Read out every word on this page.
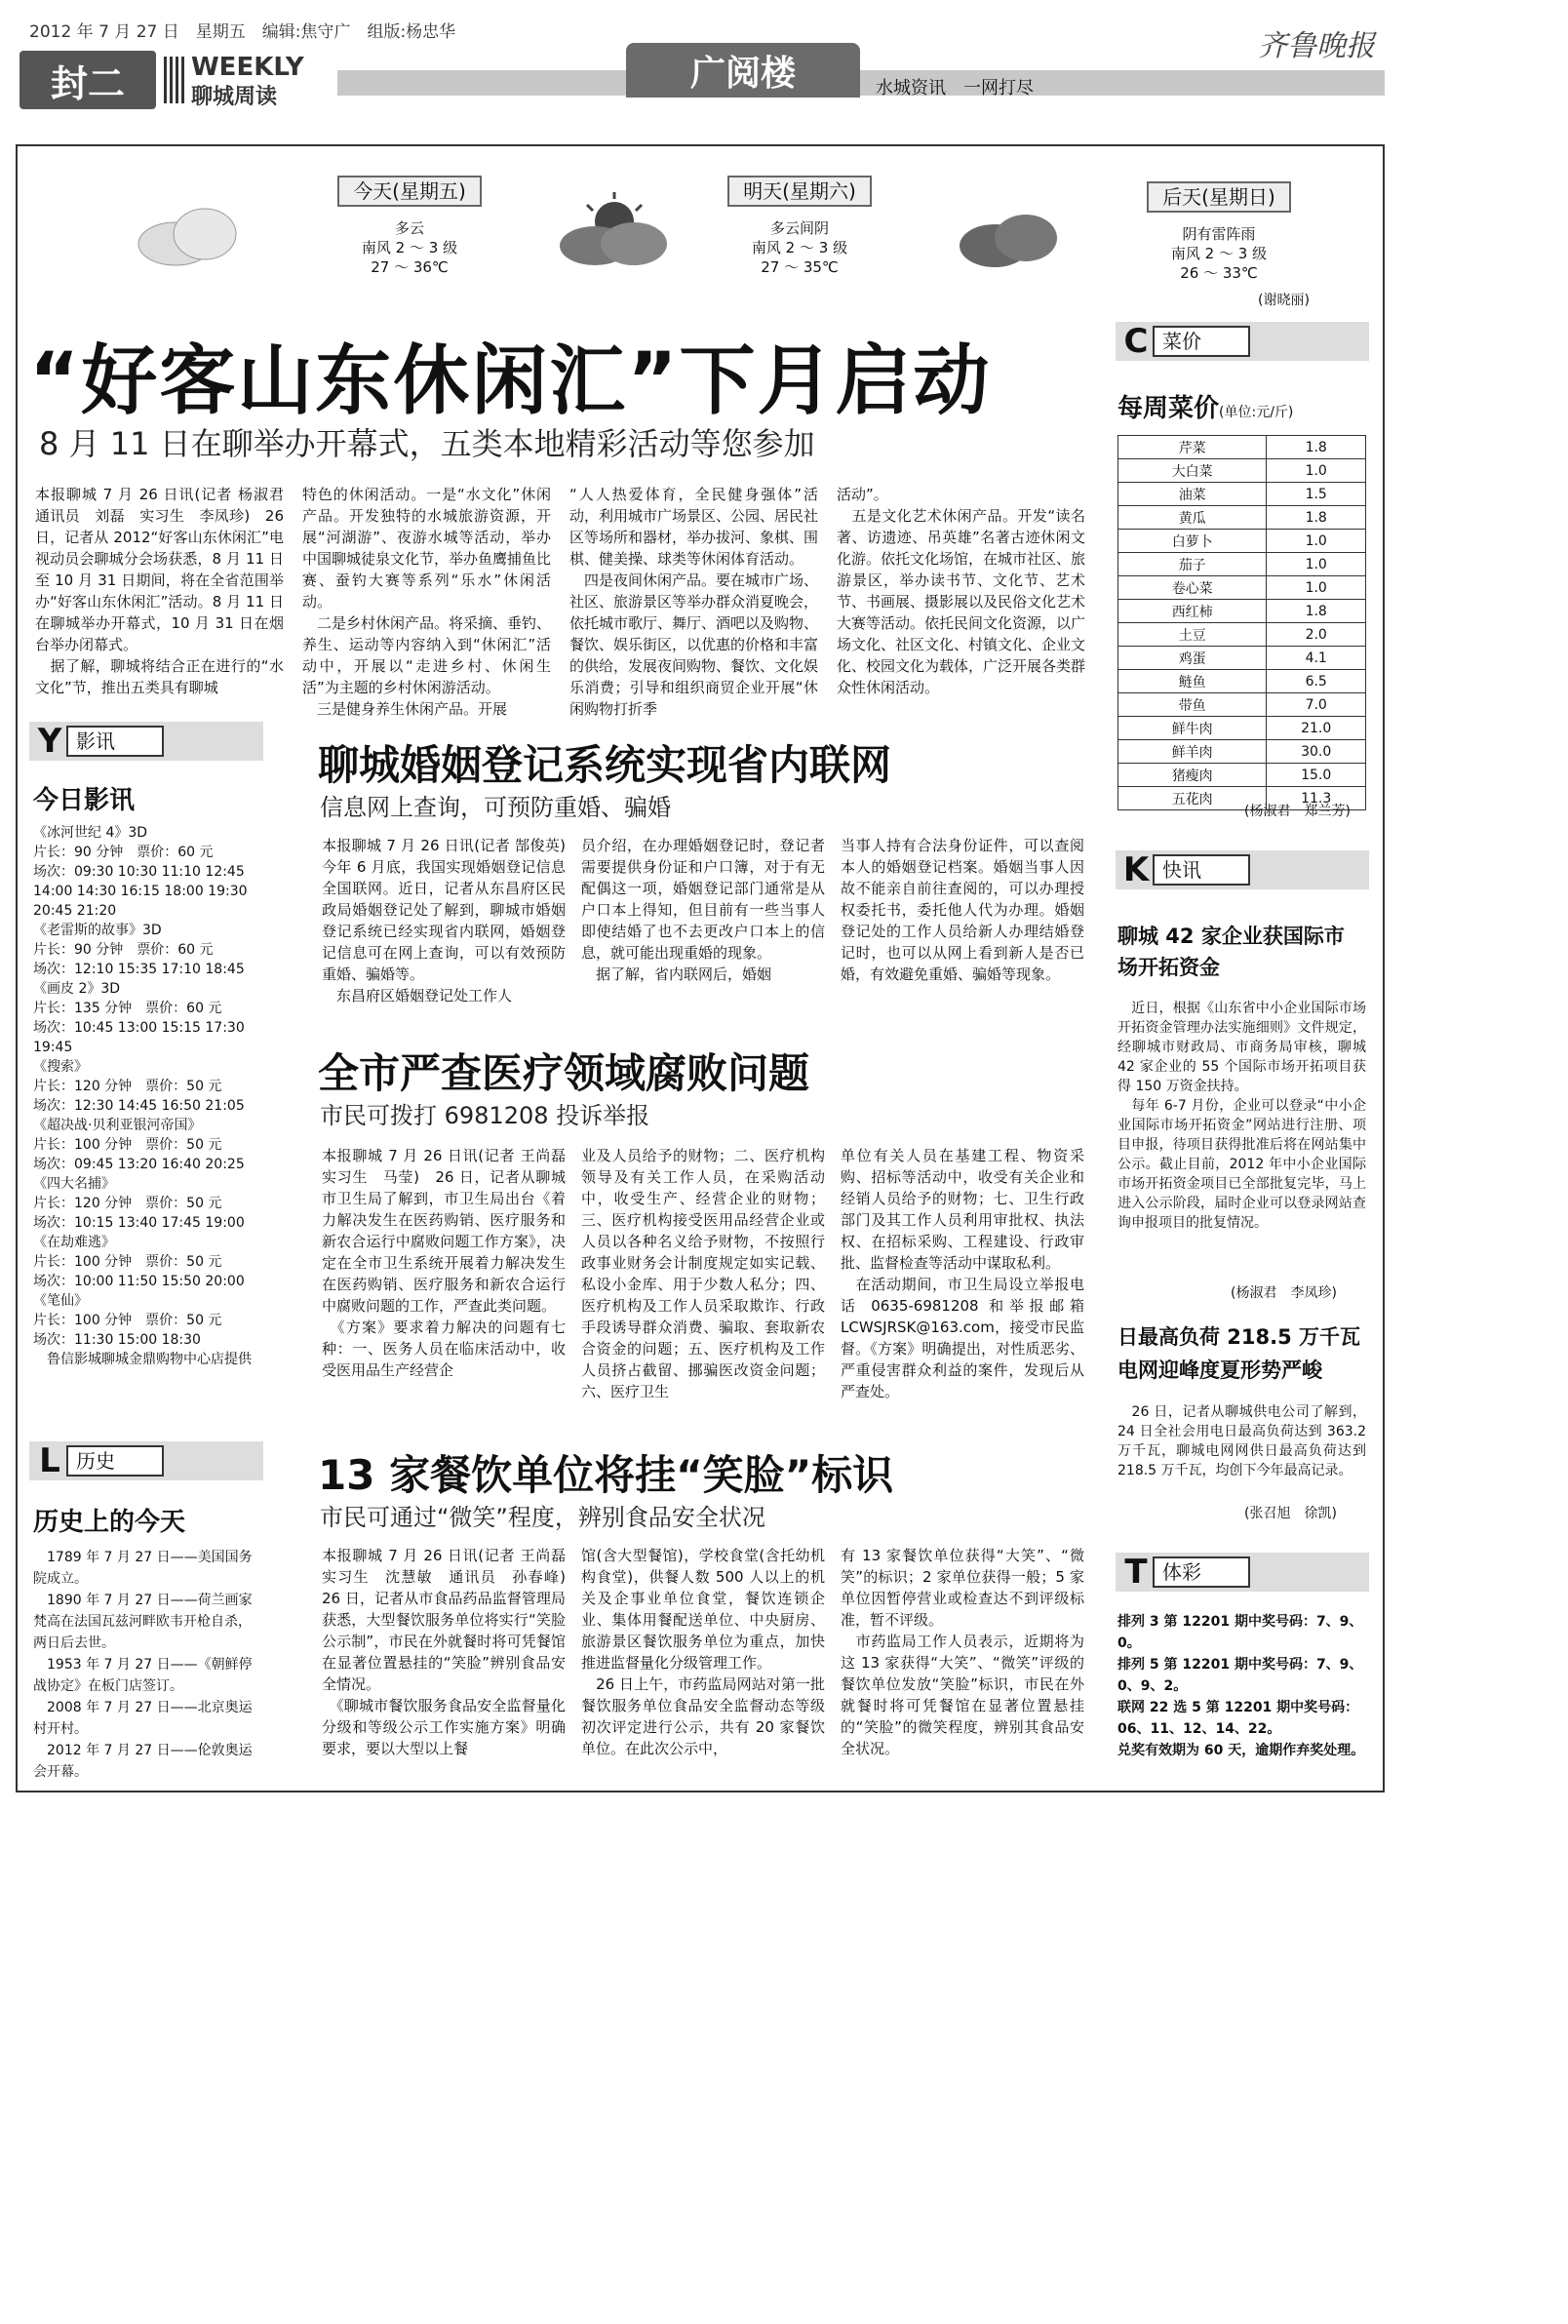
2012 年 7 月 27 日　星期五　编辑:焦守广　组版:杨忠华	齐鲁晚报
封二	WEEKLY
聊城周读
广阅楼	水城资讯　一网打尽
今天(星期五)
多云
南风 2 ～ 3 级
27 ～ 36℃
明天(星期六)
多云间阴
南风 2 ～ 3 级
27 ～ 35℃
后天(星期日)
阴有雷阵雨
南风 2 ～ 3 级
26 ～ 33℃
(谢晓丽)
“好客山东休闲汇”下月启动
8 月 11 日在聊举办开幕式，五类本地精彩活动等您参加
本报聊城 7 月 26 日讯(记者 杨淑君　通讯员　刘磊　实习生　李凤珍)　26 日，记者从 2012“好客山东休闲汇”电视动员会聊城分会场获悉，8 月 11 日至 10 月 31 日期间，将在全省范围举办“好客山东休闲汇”活动。8 月 11 日在聊城举办开幕式，10 月 31 日在烟台举办闭幕式。
　据了解，聊城将结合正在进行的“水文化”节，推出五类具有聊城
特色的休闲活动。一是“水文化”休闲产品。开发独特的水城旅游资源，开展“河湖游”、夜游水城等活动，举办中国聊城徒泉文化节，举办鱼鹰捕鱼比赛、蚕钓大赛等系列“乐水”休闲活动。
　二是乡村休闲产品。将采摘、垂钓、养生、运动等内容纳入到“休闲汇”活动中，开展以“走进乡村、休闲生活”为主题的乡村休闲游活动。
　三是健身养生休闲产品。开展
“人人热爱体育，全民健身强体”活动，利用城市广场景区、公园、居民社区等场所和器材，举办拔河、象棋、围棋、健美操、球类等休闲体育活动。
　四是夜间休闲产品。要在城市广场、社区、旅游景区等举办群众消夏晚会，依托城市歌厅、舞厅、酒吧以及购物、餐饮、娱乐街区，以优惠的价格和丰富的供给，发展夜间购物、餐饮、文化娱乐消费；引导和组织商贸企业开展“休闲购物打折季
活动”。
　五是文化艺术休闲产品。开发“读名著、访遗迹、吊英雄”名著古迹休闲文化游。依托文化场馆，在城市社区、旅游景区，举办读书节、文化节、艺术节、书画展、摄影展以及民俗文化艺术大赛等活动。依托民间文化资源，以广场文化、社区文化、村镇文化、企业文化、校园文化为载体，广泛开展各类群众性休闲活动。
C 菜价
每周菜价(单位:元/斤)
芹菜	1.8
大白菜	1.0
油菜	1.5
黄瓜	1.8
白萝卜	1.0
茄子	1.0
卷心菜	1.0
西红柿	1.8
土豆	2.0
鸡蛋	4.1
鲢鱼	6.5
带鱼	7.0
鲜牛肉	21.0
鲜羊肉	30.0
猪瘦肉	15.0
五花肉	11.3
(杨淑君　郑兰芳)
Y 影讯
今日影讯
《冰河世纪 4》3D
片长：90 分钟　票价：60 元
场次：09:30 10:30 11:10 12:45 14:00 14:30 16:15 18:00 19:30 20:45 21:20
《老雷斯的故事》3D
片长：90 分钟　票价：60 元
场次：12:10 15:35 17:10 18:45
《画皮 2》3D
片长：135 分钟　票价：60 元
场次：10:45 13:00 15:15 17:30 19:45
《搜索》
片长：120 分钟　票价：50 元
场次：12:30 14:45 16:50 21:05
《超决战·贝利亚银河帝国》
片长：100 分钟　票价：50 元
场次：09:45 13:20 16:40 20:25
《四大名捕》
片长：120 分钟　票价：50 元
场次：10:15 13:40 17:45 19:00
《在劫难逃》
片长：100 分钟　票价：50 元
场次：10:00 11:50 15:50 20:00
《笔仙》
片长：100 分钟　票价：50 元
场次：11:30 15:00 18:30
　鲁信影城聊城金鼎购物中心店提供
L 历史
历史上的今天
　1789 年 7 月 27 日——美国国务院成立。
　1890 年 7 月 27 日——荷兰画家梵高在法国瓦兹河畔欧韦开枪自杀，两日后去世。
　1953 年 7 月 27 日——《朝鲜停战协定》在板门店签订。
　2008 年 7 月 27 日——北京奥运村开村。
　2012 年 7 月 27 日——伦敦奥运会开幕。
聊城婚姻登记系统实现省内联网
信息网上查询，可预防重婚、骗婚
本报聊城 7 月 26 日讯(记者 郜俊英)　今年 6 月底，我国实现婚姻登记信息全国联网。近日，记者从东昌府区民政局婚姻登记处了解到，聊城市婚姻登记系统已经实现省内联网，婚姻登记信息可在网上查询，可以有效预防重婚、骗婚等。
　东昌府区婚姻登记处工作人
员介绍，在办理婚姻登记时，登记者需要提供身份证和户口簿，对于有无配偶这一项，婚姻登记部门通常是从户口本上得知，但目前有一些当事人即使结婚了也不去更改户口本上的信息，就可能出现重婚的现象。
　据了解，省内联网后，婚姻
当事人持有合法身份证件，可以查阅本人的婚姻登记档案。婚姻当事人因故不能亲自前往查阅的，可以办理授权委托书，委托他人代为办理。婚姻登记处的工作人员给新人办理结婚登记时，也可以从网上看到新人是否已婚，有效避免重婚、骗婚等现象。
全市严查医疗领域腐败问题
市民可拨打 6981208 投诉举报
本报聊城 7 月 26 日讯(记者 王尚磊　实习生　马莹)　26 日，记者从聊城市卫生局了解到，市卫生局出台《着力解决发生在医药购销、医疗服务和新农合运行中腐败问题工作方案》，决定在全市卫生系统开展着力解决发生在医药购销、医疗服务和新农合运行中腐败问题的工作，严查此类问题。
　《方案》要求着力解决的问题有七种：一、医务人员在临床活动中，收受医用品生产经营企
业及人员给予的财物；二、医疗机构领导及有关工作人员，在采购活动中，收受生产、经营企业的财物；三、医疗机构接受医用品经营企业或人员以各种名义给予财物，不按照行政事业财务会计制度规定如实记载、私设小金库、用于少数人私分；四、医疗机构及工作人员采取欺诈、行政手段诱导群众消费、骗取、套取新农合资金的问题；五、医疗机构及工作人员挤占截留、挪骗医改资金问题；六、医疗卫生
单位有关人员在基建工程、物资采购、招标等活动中，收受有关企业和经销人员给予的财物；七、卫生行政部门及其工作人员利用审批权、执法权、在招标采购、工程建设、行政审批、监督检查等活动中谋取私利。
　在活动期间，市卫生局设立举报电话 0635-6981208 和举报邮箱 LCWSJRSK@163.com，接受市民监督。《方案》明确提出，对性质恶劣、严重侵害群众利益的案件，发现后从严查处。
13 家餐饮单位将挂“笑脸”标识
市民可通过“微笑”程度，辨别食品安全状况
本报聊城 7 月 26 日讯(记者 王尚磊　实习生　沈慧敏　通讯员　孙春峰)　26 日，记者从市食品药品监督管理局获悉，大型餐饮服务单位将实行“笑脸公示制”，市民在外就餐时将可凭餐馆在显著位置悬挂的“笑脸”辨别食品安全情况。
　《聊城市餐饮服务食品安全监督量化分级和等级公示工作实施方案》明确要求，要以大型以上餐
馆(含大型餐馆)，学校食堂(含托幼机构食堂)，供餐人数 500 人以上的机关及企事业单位食堂，餐饮连锁企业、集体用餐配送单位、中央厨房、旅游景区餐饮服务单位为重点，加快推进监督量化分级管理工作。
　26 日上午，市药监局网站对第一批餐饮服务单位食品安全监督动态等级初次评定进行公示，共有 20 家餐饮单位。在此次公示中，
有 13 家餐饮单位获得“大笑”、“微笑”的标识；2 家单位获得一般；5 家单位因暂停营业或检查达不到评级标准，暂不评级。
　市药监局工作人员表示，近期将为这 13 家获得“大笑”、“微笑”评级的餐饮单位发放“笑脸”标识，市民在外就餐时将可凭餐馆在显著位置悬挂的“笑脸”的微笑程度，辨别其食品安全状况。
K 快讯
聊城 42 家企业获国际市场开拓资金
　近日，根据《山东省中小企业国际市场开拓资金管理办法实施细则》文件规定，经聊城市财政局、市商务局审核，聊城 42 家企业的 55 个国际市场开拓项目获得 150 万资金扶持。
　每年 6-7 月份，企业可以登录“中小企业国际市场开拓资金”网站进行注册、项目申报，待项目获得批准后将在网站集中公示。截止目前，2012 年中小企业国际市场开拓资金项目已全部批复完毕，马上进入公示阶段，届时企业可以登录网站查询申报项目的批复情况。
(杨淑君　李凤珍)
日最高负荷 218.5 万千瓦 电网迎峰度夏形势严峻
　26 日，记者从聊城供电公司了解到，24 日全社会用电日最高负荷达到 363.2 万千瓦，聊城电网网供日最高负荷达到 218.5 万千瓦，均创下今年最高记录。
(张召旭　徐凯)
T 体彩
排列 3 第 12201 期中奖号码：7、9、0。
排列 5 第 12201 期中奖号码：7、9、0、9、2。
联网 22 选 5 第 12201 期中奖号码：06、11、12、14、22。
兑奖有效期为 60 天，逾期作弃奖处理。
